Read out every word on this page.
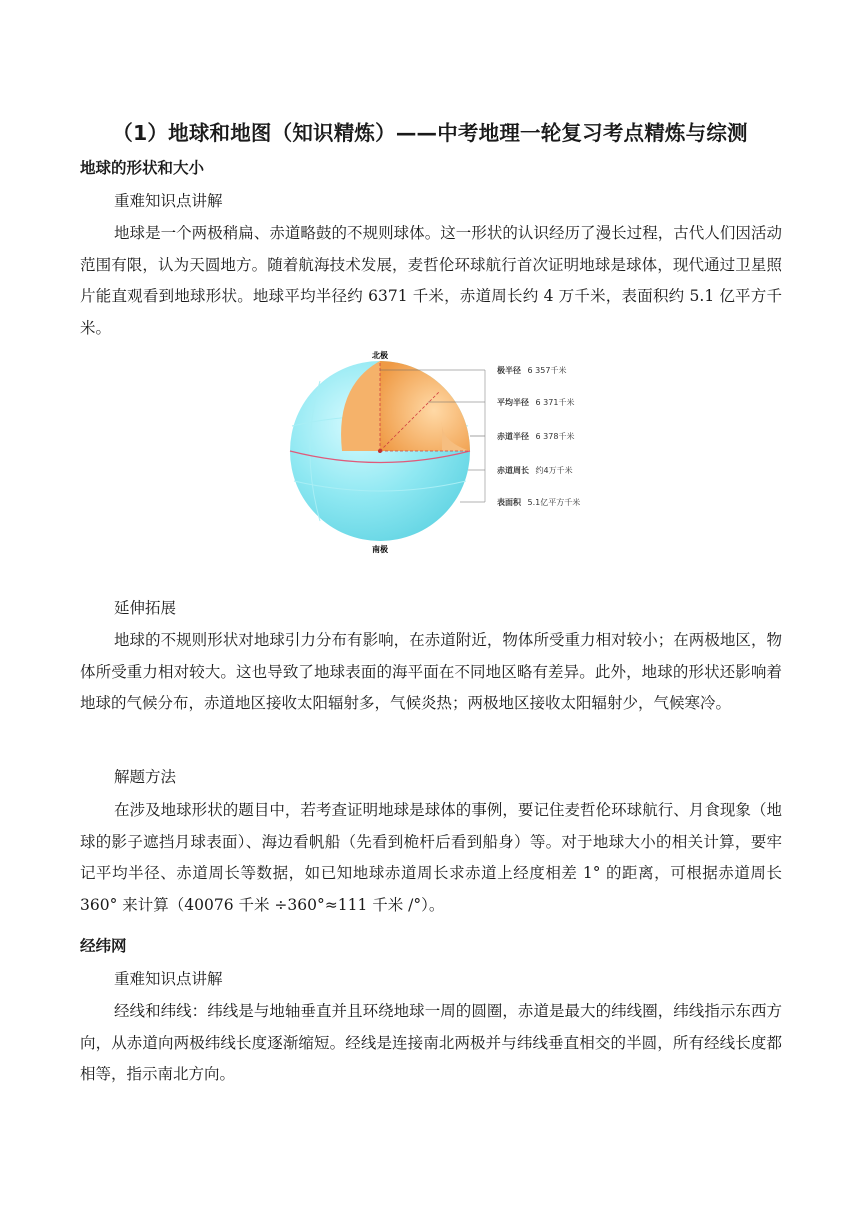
（1）地球和地图（知识精炼）——中考地理一轮复习考点精炼与综测
地球的形状和大小
重难知识点讲解
地球是一个两极稍扁、赤道略鼓的不规则球体。这一形状的认识经历了漫长过程，古代人们因活动范围有限，认为天圆地方。随着航海技术发展，麦哲伦环球航行首次证明地球是球体，现代通过卫星照片能直观看到地球形状。地球平均半径约 6371 千米，赤道周长约 4 万千米，表面积约 5.1 亿平方千米。
北极
南极
极半径 6 357千米
平均半径 6 371千米
赤道半径 6 378千米
赤道周长 约4万千米
表面积 5.1亿平方千米
延伸拓展
地球的不规则形状对地球引力分布有影响，在赤道附近，物体所受重力相对较小；在两极地区，物体所受重力相对较大。这也导致了地球表面的海平面在不同地区略有差异。此外，地球的形状还影响着地球的气候分布，赤道地区接收太阳辐射多，气候炎热；两极地区接收太阳辐射少，气候寒冷。
解题方法
在涉及地球形状的题目中，若考查证明地球是球体的事例，要记住麦哲伦环球航行、月食现象（地球的影子遮挡月球表面）、海边看帆船（先看到桅杆后看到船身）等。对于地球大小的相关计算，要牢记平均半径、赤道周长等数据，如已知地球赤道周长求赤道上经度相差 1° 的距离，可根据赤道周长 360° 来计算（40076 千米 ÷360°≈111 千米 /°）。
经纬网
重难知识点讲解
经线和纬线：纬线是与地轴垂直并且环绕地球一周的圆圈，赤道是最大的纬线圈，纬线指示东西方向，从赤道向两极纬线长度逐渐缩短。经线是连接南北两极并与纬线垂直相交的半圆，所有经线长度都相等，指示南北方向。
